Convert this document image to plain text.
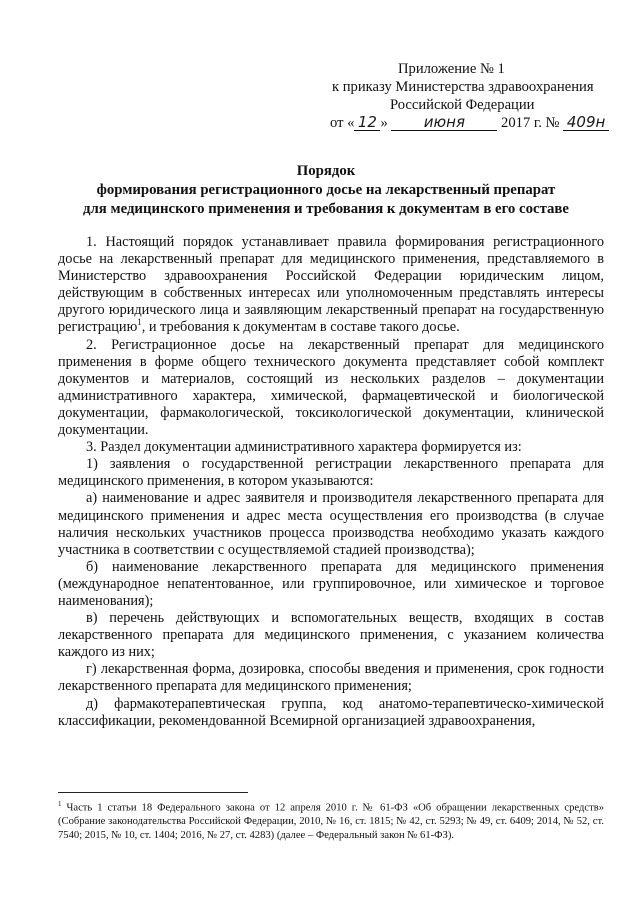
Приложение № 1
к приказу Министерства здравоохранения
Российской Федерации
от « 12 » июня 2017 г. № 409н
Порядок
формирования регистрационного досье на лекарственный препарат
для медицинского применения и требования к документам в его составе

1. Настоящий порядок устанавливает правила формирования регистрационного досье на лекарственный препарат для медицинского применения, представляемого в Министерство здравоохранения Российской Федерации юридическим лицом, действующим в собственных интересах или уполномоченным представлять интересы другого юридического лица и заявляющим лекарственный препарат на государственную регистрацию$^1$, и требования к документам в составе такого досье.

2. Регистрационное досье на лекарственный препарат для медицинского применения в форме общего технического документа представляет собой комплект документов и материалов, состоящий из нескольких разделов – документации административного характера, химической, фармацевтической и биологической документации, фармакологической, токсикологической документации, клинической документации.

3. Раздел документации административного характера формируется из:

1) заявления о государственной регистрации лекарственного препарата для медицинского применения, в котором указываются:

а) наименование и адрес заявителя и производителя лекарственного препарата для медицинского применения и адрес места осуществления его производства (в случае наличия нескольких участников процесса производства необходимо указать каждого участника в соответствии с осуществляемой стадией производства);

б) наименование лекарственного препарата для медицинского применения (международное непатентованное, или группировочное, или химическое и торговое наименования);

в) перечень действующих и вспомогательных веществ, входящих в состав лекарственного препарата для медицинского применения, с указанием количества каждого из них;

г) лекарственная форма, дозировка, способы введения и применения, срок годности лекарственного препарата для медицинского применения;

д) фармакотерапевтическая группа, код анатомо-терапевтическо-химической классификации, рекомендованной Всемирной организацией здравоохранения,

$^1$ Часть 1 статьи 18 Федерального закона от 12 апреля 2010 г. № 61-ФЗ «Об обращении лекарственных средств» (Собрание законодательства Российской Федерации, 2010, № 16, ст. 1815; № 42, ст. 5293; № 49, ст. 6409; 2014, № 52, ст. 7540; 2015, № 10, ст. 1404; 2016, № 27, ст. 4283) (далее – Федеральный закон № 61-ФЗ).
